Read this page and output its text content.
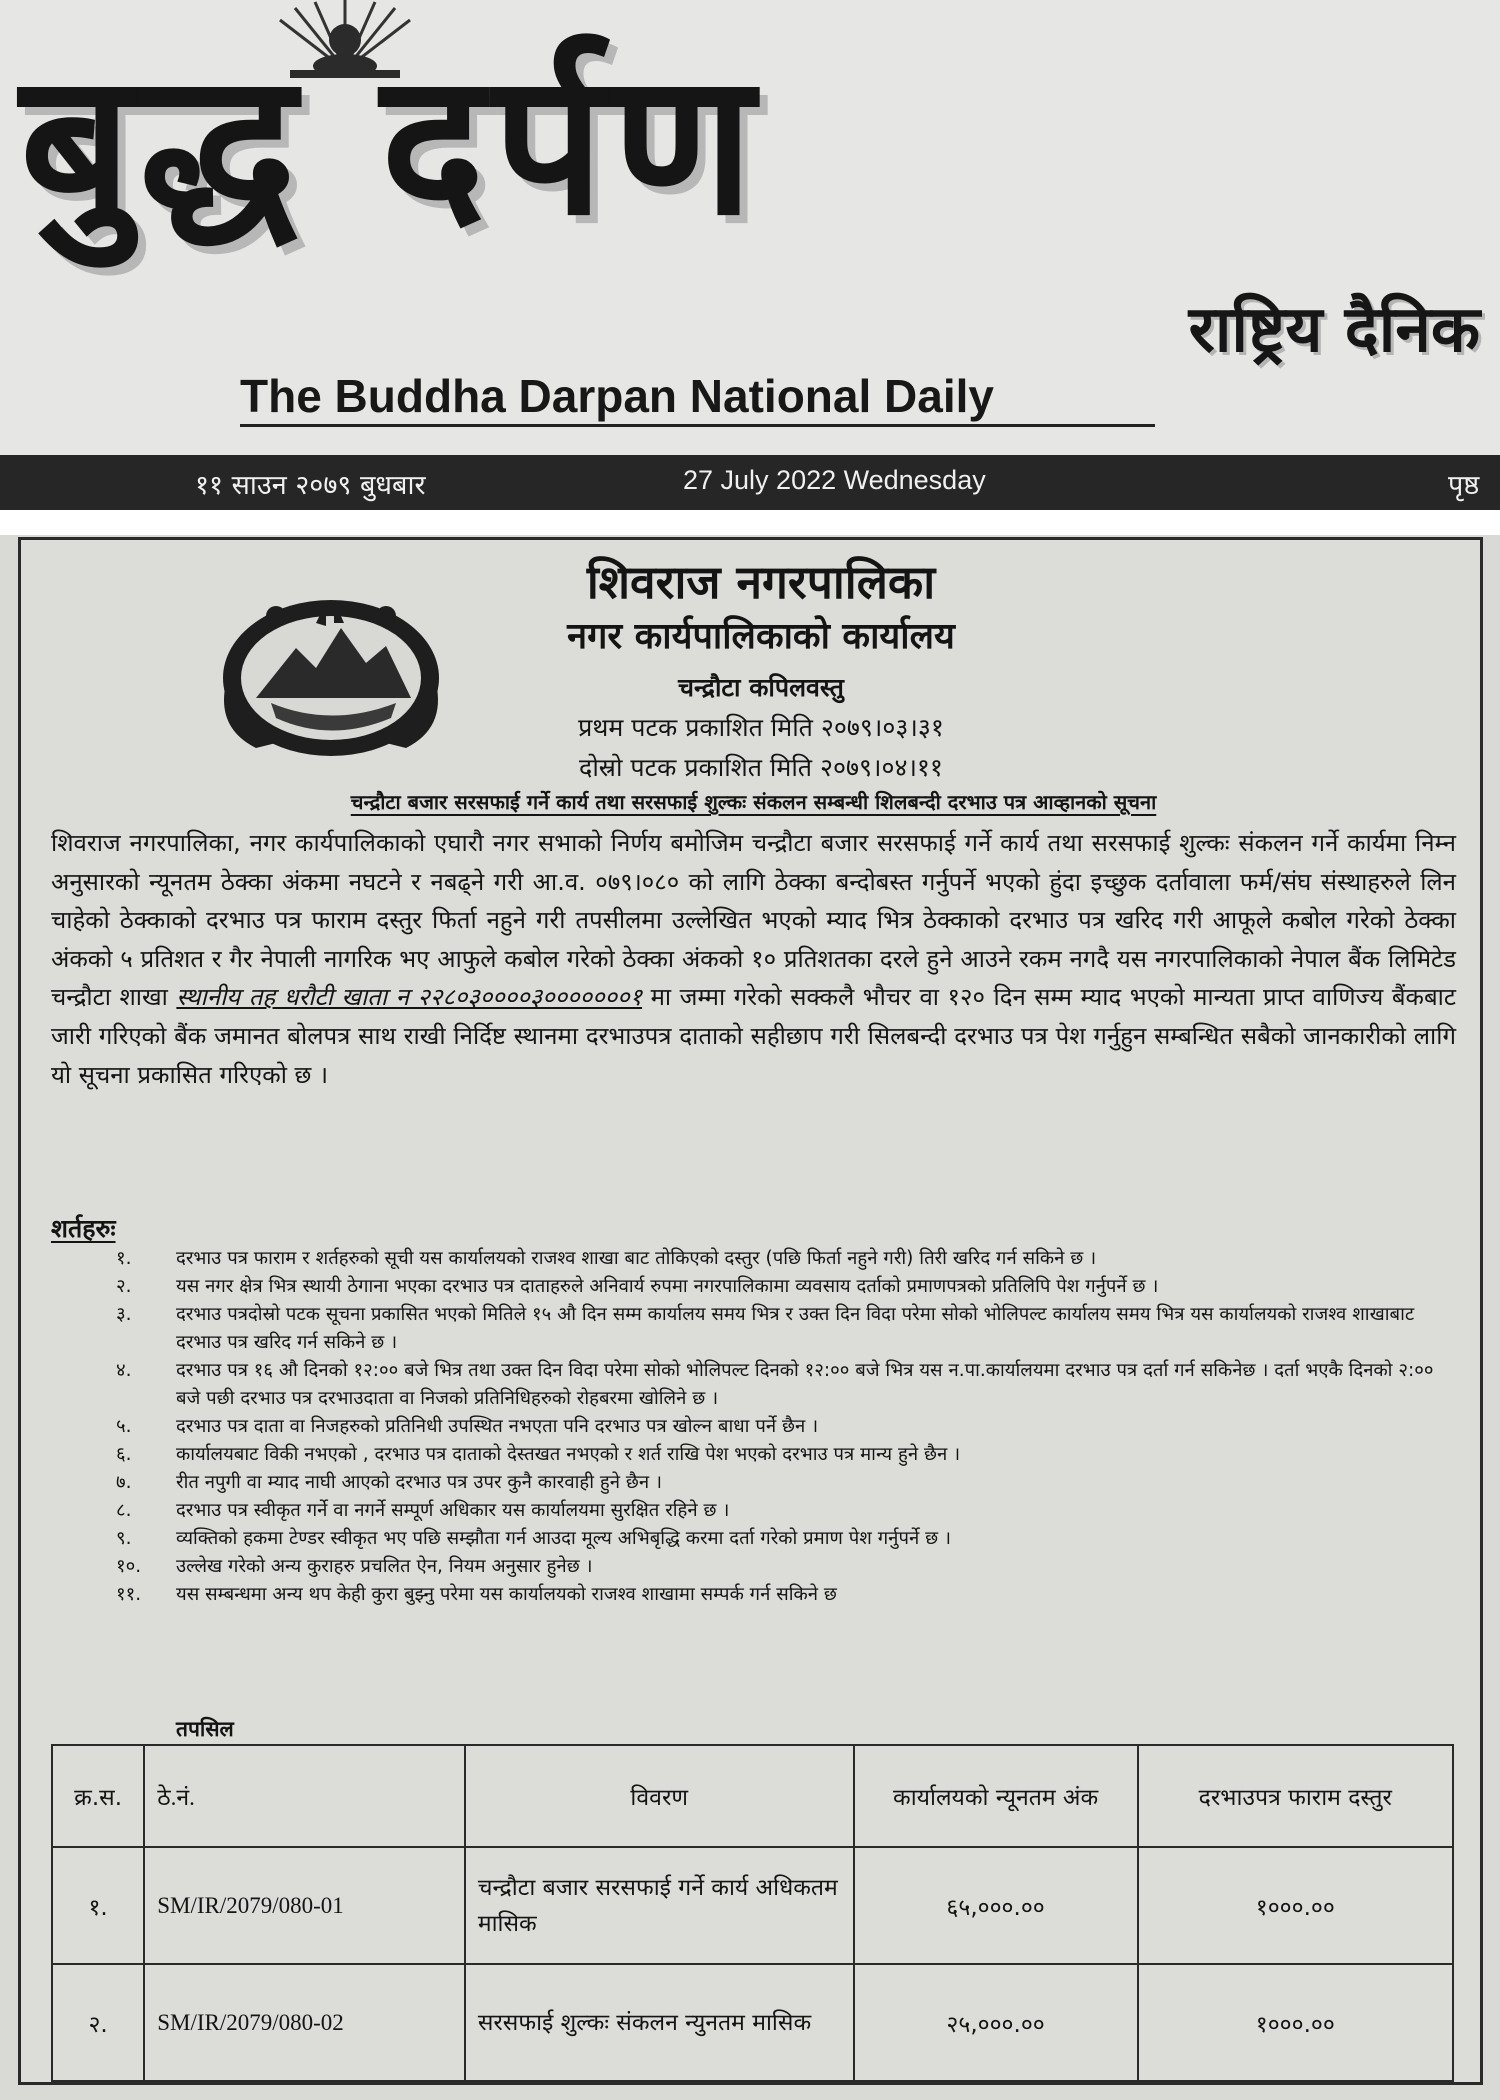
बुद्ध दर्पण
राष्ट्रिय दैनिक
The Buddha Darpan National Daily
११ साउन २०७९ बुधबार	27 July 2022 Wednesday	पृष्ठ
शिवराज नगरपालिका
नगर कार्यपालिकाको कार्यालय
चन्द्रौटा कपिलवस्तु
प्रथम पटक प्रकाशित मिति २०७९।०३।३१
दोस्रो पटक प्रकाशित मिति २०७९।०४।११
चन्द्रौटा बजार सरसफाई गर्ने कार्य तथा सरसफाई शुल्कः संकलन सम्बन्धी शिलबन्दी दरभाउ पत्र आव्हानको सूचना

शिवराज नगरपालिका, नगर कार्यपालिकाको एघारौ नगर सभाको निर्णय बमोजिम चन्द्रौटा बजार सरसफाई गर्ने कार्य तथा सरसफाई शुल्कः संकलन गर्ने कार्यमा निम्न अनुसारको न्यूनतम ठेक्का अंकमा नघटने र नबढ्ने गरी आ.व. ०७९।०८० को लागि ठेक्का बन्दोबस्त गर्नुपर्ने भएको हुंदा इच्छुक दर्तावाला फर्म/संघ संस्थाहरुले लिन चाहेको ठेक्काको दरभाउ पत्र फाराम दस्तुर फिर्ता नहुने गरी तपसीलमा उल्लेखित भएको म्याद भित्र ठेक्काको दरभाउ पत्र खरिद गरी आफूले कबोल गरेको ठेक्का अंकको ५ प्रतिशत र गैर नेपाली नागरिक भए आफुले कबोल गरेको ठेक्का अंकको १० प्रतिशतका दरले हुने आउने रकम नगदै यस नगरपालिकाको नेपाल बैंक लिमिटेड चन्द्रौटा शाखा स्थानीय तह धरौटी खाता न २२८०३००००३०००००००१ मा जम्मा गरेको सक्कलै भौचर वा १२० दिन सम्म म्याद भएको मान्यता प्राप्त वाणिज्य बैंकबाट जारी गरिएको बैंक जमानत बोलपत्र साथ राखी निर्दिष्ट स्थानमा दरभाउपत्र दाताको सहीछाप गरी सिलबन्दी दरभाउ पत्र पेश गर्नुहुन सम्बन्धित सबैको जानकारीको लागि यो सूचना प्रकासित गरिएको छ ।

शर्तहरुः
१. दरभाउ पत्र फाराम र शर्तहरुको सूची यस कार्यालयको राजश्व शाखा बाट तोकिएको दस्तुर (पछि फिर्ता नहुने गरी) तिरी खरिद गर्न सकिने छ ।
२. यस नगर क्षेत्र भित्र स्थायी ठेगाना भएका दरभाउ पत्र दाताहरुले अनिवार्य रुपमा नगरपालिकामा व्यवसाय दर्ताको प्रमाणपत्रको प्रतिलिपि पेश गर्नुपर्ने छ ।
३. दरभाउ पत्रदोस्रो पटक सूचना प्रकासित भएको मितिले १५ औ दिन सम्म कार्यालय समय भित्र र उक्त दिन विदा परेमा सोको भोलिपल्ट कार्यालय समय भित्र यस कार्यालयको राजश्व शाखाबाट दरभाउ पत्र खरिद गर्न सकिने छ ।
४. दरभाउ पत्र १६ औ दिनको १२:०० बजे भित्र तथा उक्त दिन विदा परेमा सोको भोलिपल्ट दिनको १२:०० बजे भित्र यस न.पा.कार्यालयमा दरभाउ पत्र दर्ता गर्न सकिनेछ । दर्ता भएकै दिनको २:०० बजे पछी दरभाउ पत्र दरभाउदाता वा निजको प्रतिनिधिहरुको रोहबरमा खोलिने छ ।
५. दरभाउ पत्र दाता वा निजहरुको प्रतिनिधी उपस्थित नभएता पनि दरभाउ पत्र खोल्न बाधा पर्ने छैन ।
६. कार्यालयबाट विकी नभएको , दरभाउ पत्र दाताको देस्तखत नभएको र शर्त राखि पेश भएको दरभाउ पत्र मान्य हुने छैन ।
७. रीत नपुगी वा म्याद नाघी आएको दरभाउ पत्र उपर कुनै कारवाही हुने छैन ।
८. दरभाउ पत्र स्वीकृत गर्ने वा नगर्ने सम्पूर्ण अधिकार यस कार्यालयमा सुरक्षित रहिने छ ।
९. व्यक्तिको हकमा टेण्डर स्वीकृत भए पछि सम्झौता गर्न आउदा मूल्य अभिबृद्धि करमा दर्ता गरेको प्रमाण पेश गर्नुपर्ने छ ।
१०. उल्लेख गरेको अन्य कुराहरु प्रचलित ऐन, नियम अनुसार हुनेछ ।
११. यस सम्बन्धमा अन्य थप केही कुरा बुझ्नु परेमा यस कार्यालयको राजश्व शाखामा सम्पर्क गर्न सकिने छ
तपसिल
क्र.स.	ठे.नं.	विवरण	कार्यालयको न्यूनतम अंक	दरभाउपत्र फाराम दस्तुर
१.	SM/IR/2079/080-01	चन्द्रौटा बजार सरसफाई गर्ने कार्य अधिकतम मासिक	६५,०००.००	१०००.००
२.	SM/IR/2079/080-02	सरसफाई शुल्कः संकलन न्युनतम मासिक	२५,०००.००	१०००.००
